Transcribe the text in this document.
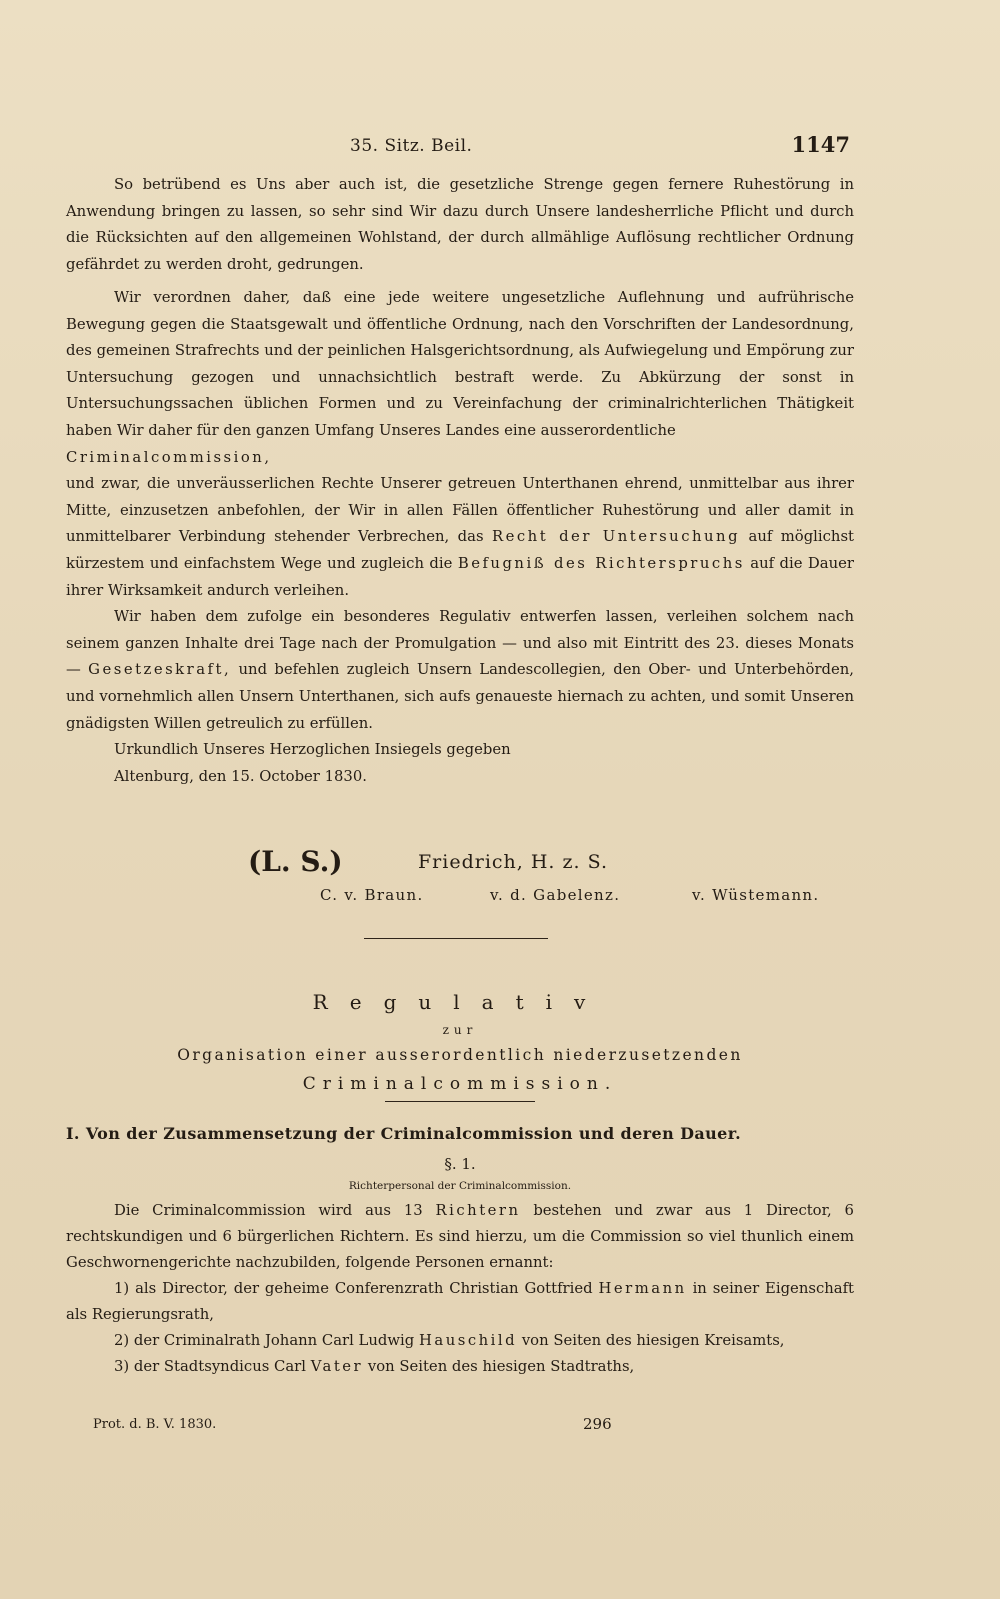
35. Sitz. Beil.	1147

So betrübend es Uns aber auch ist, die gesetzliche Strenge gegen fernere Ruhestörung in Anwendung bringen zu lassen, so sehr sind Wir dazu durch Unsere landesherrliche Pflicht und durch die Rücksichten auf den allgemeinen Wohlstand, der durch allmählige Auflösung rechtlicher Ordnung gefährdet zu werden droht, gedrungen.

Wir verordnen daher, daß eine jede weitere ungesetzliche Auflehnung und aufrührische Bewegung gegen die Staatsgewalt und öffentliche Ordnung, nach den Vorschriften der Landesordnung, des gemeinen Strafrechts und der peinlichen Halsgerichtsordnung, als Aufwiegelung und Empörung zur Untersuchung gezogen und unnachsichtlich bestraft werde. Zu Abkürzung der sonst in Untersuchungssachen üblichen Formen und zu Vereinfachung der criminalrichterlichen Thätigkeit haben Wir daher für den ganzen Umfang Unseres Landes eine ausserordentliche

Criminalcommission,

und zwar, die unveräusserlichen Rechte Unserer getreuen Unterthanen ehrend, unmittelbar aus ihrer Mitte, einzusetzen anbefohlen, der Wir in allen Fällen öffentlicher Ruhestörung und aller damit in unmittelbarer Verbindung stehender Verbrechen, das Recht der Untersuchung auf möglichst kürzestem und einfachstem Wege und zugleich die Befugniß des Richterspruchs auf die Dauer ihrer Wirksamkeit andurch verleihen.

Wir haben dem zufolge ein besonderes Regulativ entwerfen lassen, verleihen solchem nach seinem ganzen Inhalte drei Tage nach der Promulgation — und also mit Eintritt des 23. dieses Monats — Gesetzeskraft, und befehlen zugleich Unsern Landescollegien, den Ober- und Unterbehörden, und vornehmlich allen Unsern Unterthanen, sich aufs genaueste hiernach zu achten, und somit Unseren gnädigsten Willen getreulich zu erfüllen.

Urkundlich Unseres Herzoglichen Insiegels gegeben

Altenburg, den 15. October 1830.

(L. S.)	Friedrich, H. z. S.
C. v. Braun.	v. d. Gabelenz.	v. Wüstemann.

Regulativ

zur

Organisation einer ausserordentlich niederzusetzenden

Criminalcommission.

I. Von der Zusammensetzung der Criminalcommission und deren Dauer.
§. 1.
Richterpersonal der Criminalcommission.

Die Criminalcommission wird aus 13 Richtern bestehen und zwar aus 1 Director, 6 rechtskundigen und 6 bürgerlichen Richtern. Es sind hierzu, um die Commission so viel thunlich einem Geschwornengerichte nachzubilden, folgende Personen ernannt:

1) als Director, der geheime Conferenzrath Christian Gottfried Hermann in seiner Eigenschaft als Regierungsrath,

2) der Criminalrath Johann Carl Ludwig Hauschild von Seiten des hiesigen Kreisamts,

3) der Stadtsyndicus Carl Vater von Seiten des hiesigen Stadtraths,

Prot. d. B. V. 1830.	296
